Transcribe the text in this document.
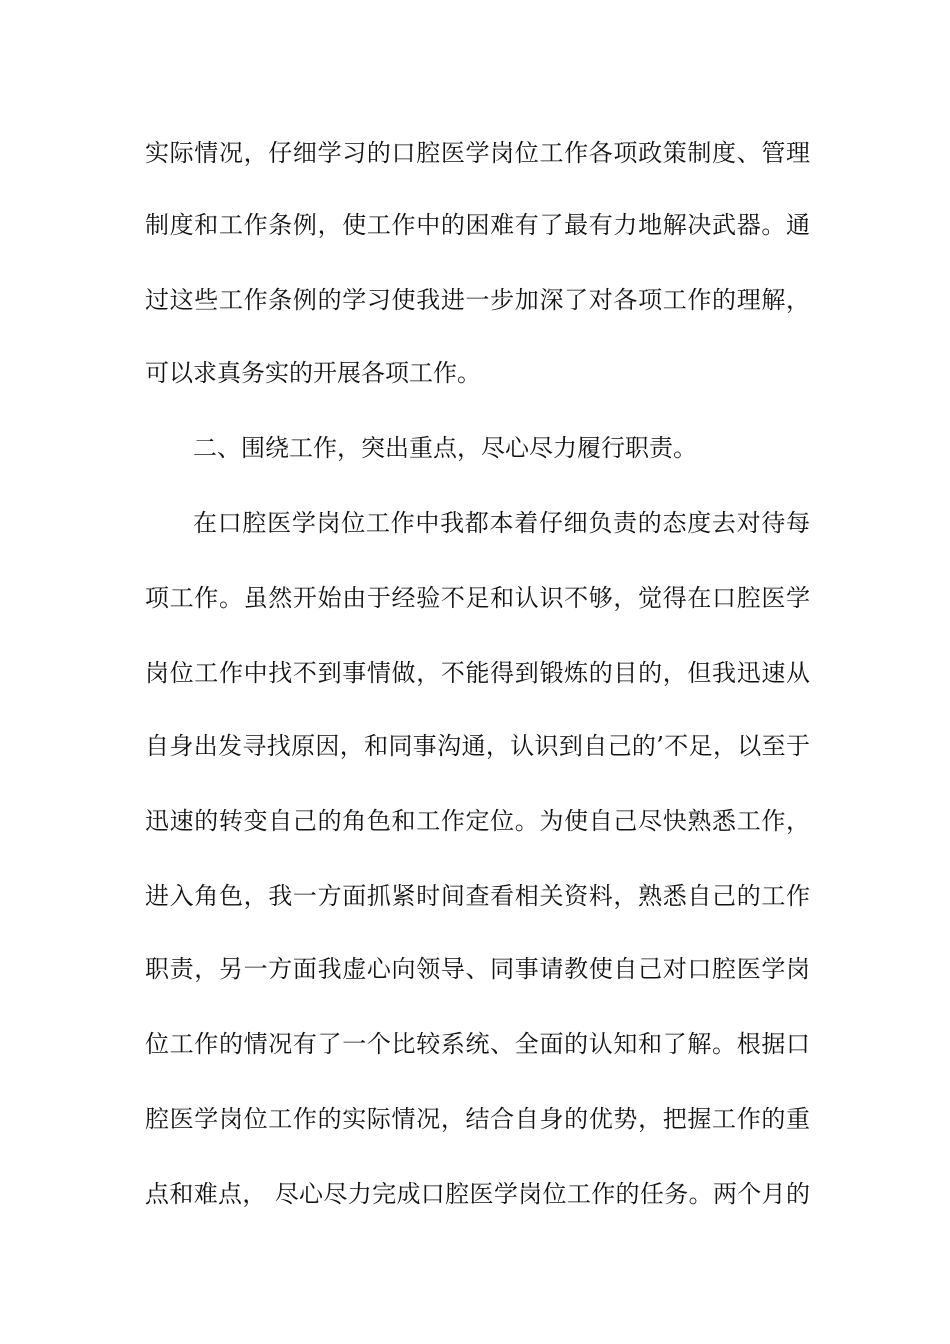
实际情况，仔细学习的口腔医学岗位工作各项政策制度、管理
制度和工作条例，使工作中的困难有了最有力地解决武器。通
过这些工作条例的学习使我进一步加深了对各项工作的理解，
可以求真务实的开展各项工作。
二、围绕工作，突出重点，尽心尽力履行职责。
在口腔医学岗位工作中我都本着仔细负责的态度去对待每
项工作。虽然开始由于经验不足和认识不够，觉得在口腔医学
岗位工作中找不到事情做，不能得到锻炼的目的，但我迅速从
自身出发寻找原因，和同事沟通，认识到自己的’不足，以至于
迅速的转变自己的角色和工作定位。为使自己尽快熟悉工作，
进入角色，我一方面抓紧时间查看相关资料，熟悉自己的工作
职责，另一方面我虚心向领导、同事请教使自己对口腔医学岗
位工作的情况有了一个比较系统、全面的认知和了解。根据口
腔医学岗位工作的实际情况，结合自身的优势，把握工作的重
点和难点， 尽心尽力完成口腔医学岗位工作的任务。两个月的
